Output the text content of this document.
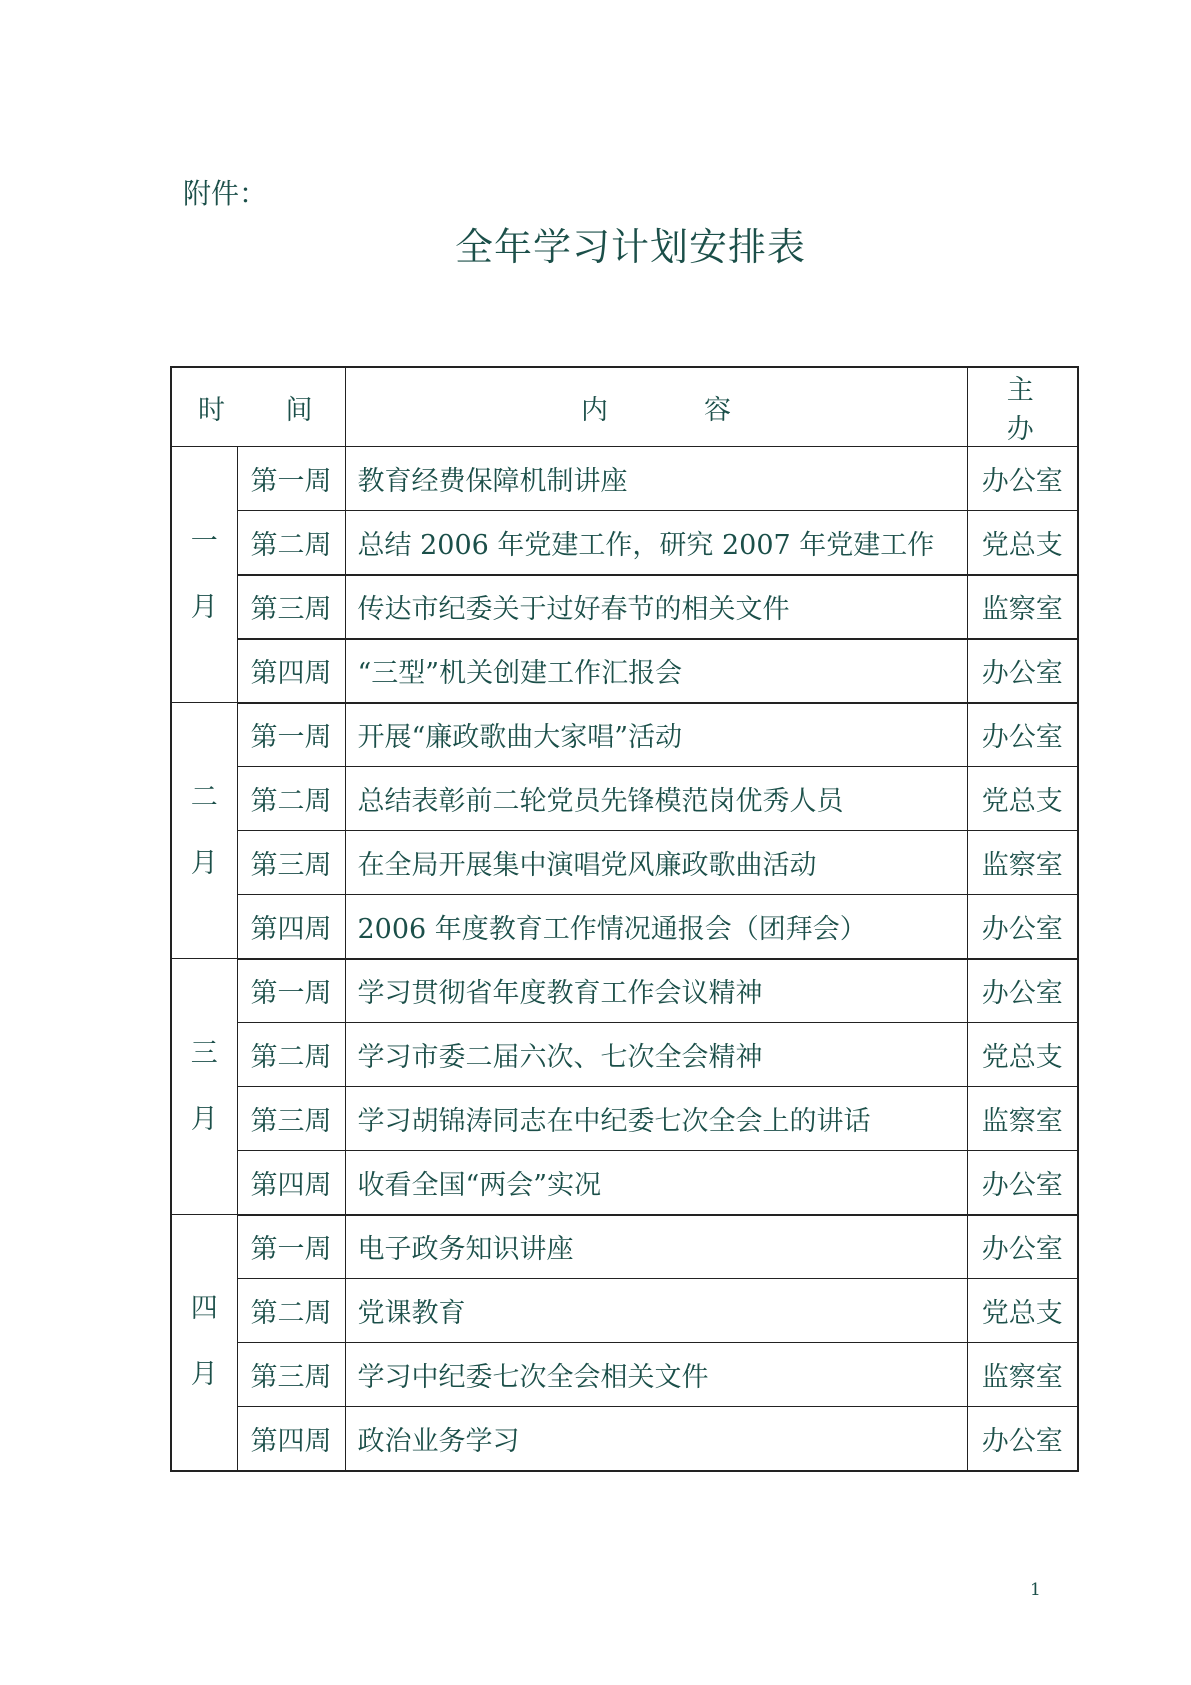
附件：
全年学习计划安排表
时 间		内 容	主 办

一
月	第一周	教育经费保障机制讲座	办公室
	第二周	总结 2006 年党建工作，研究 2007 年党建工作	党总支
	第三周	传达市纪委关于过好春节的相关文件	监察室
	第四周	“三型”机关创建工作汇报会	办公室

二
月	第一周	开展“廉政歌曲大家唱”活动	办公室
	第二周	总结表彰前二轮党员先锋模范岗优秀人员	党总支
	第三周	在全局开展集中演唱党风廉政歌曲活动	监察室
	第四周	2006 年度教育工作情况通报会（团拜会）	办公室

三
月	第一周	学习贯彻省年度教育工作会议精神	办公室
	第二周	学习市委二届六次、七次全会精神	党总支
	第三周	学习胡锦涛同志在中纪委七次全会上的讲话	监察室
	第四周	收看全国“两会”实况	办公室

四
月	第一周	电子政务知识讲座	办公室
	第二周	党课教育	党总支
	第三周	学习中纪委七次全会相关文件	监察室
	第四周	政治业务学习	办公室
1
